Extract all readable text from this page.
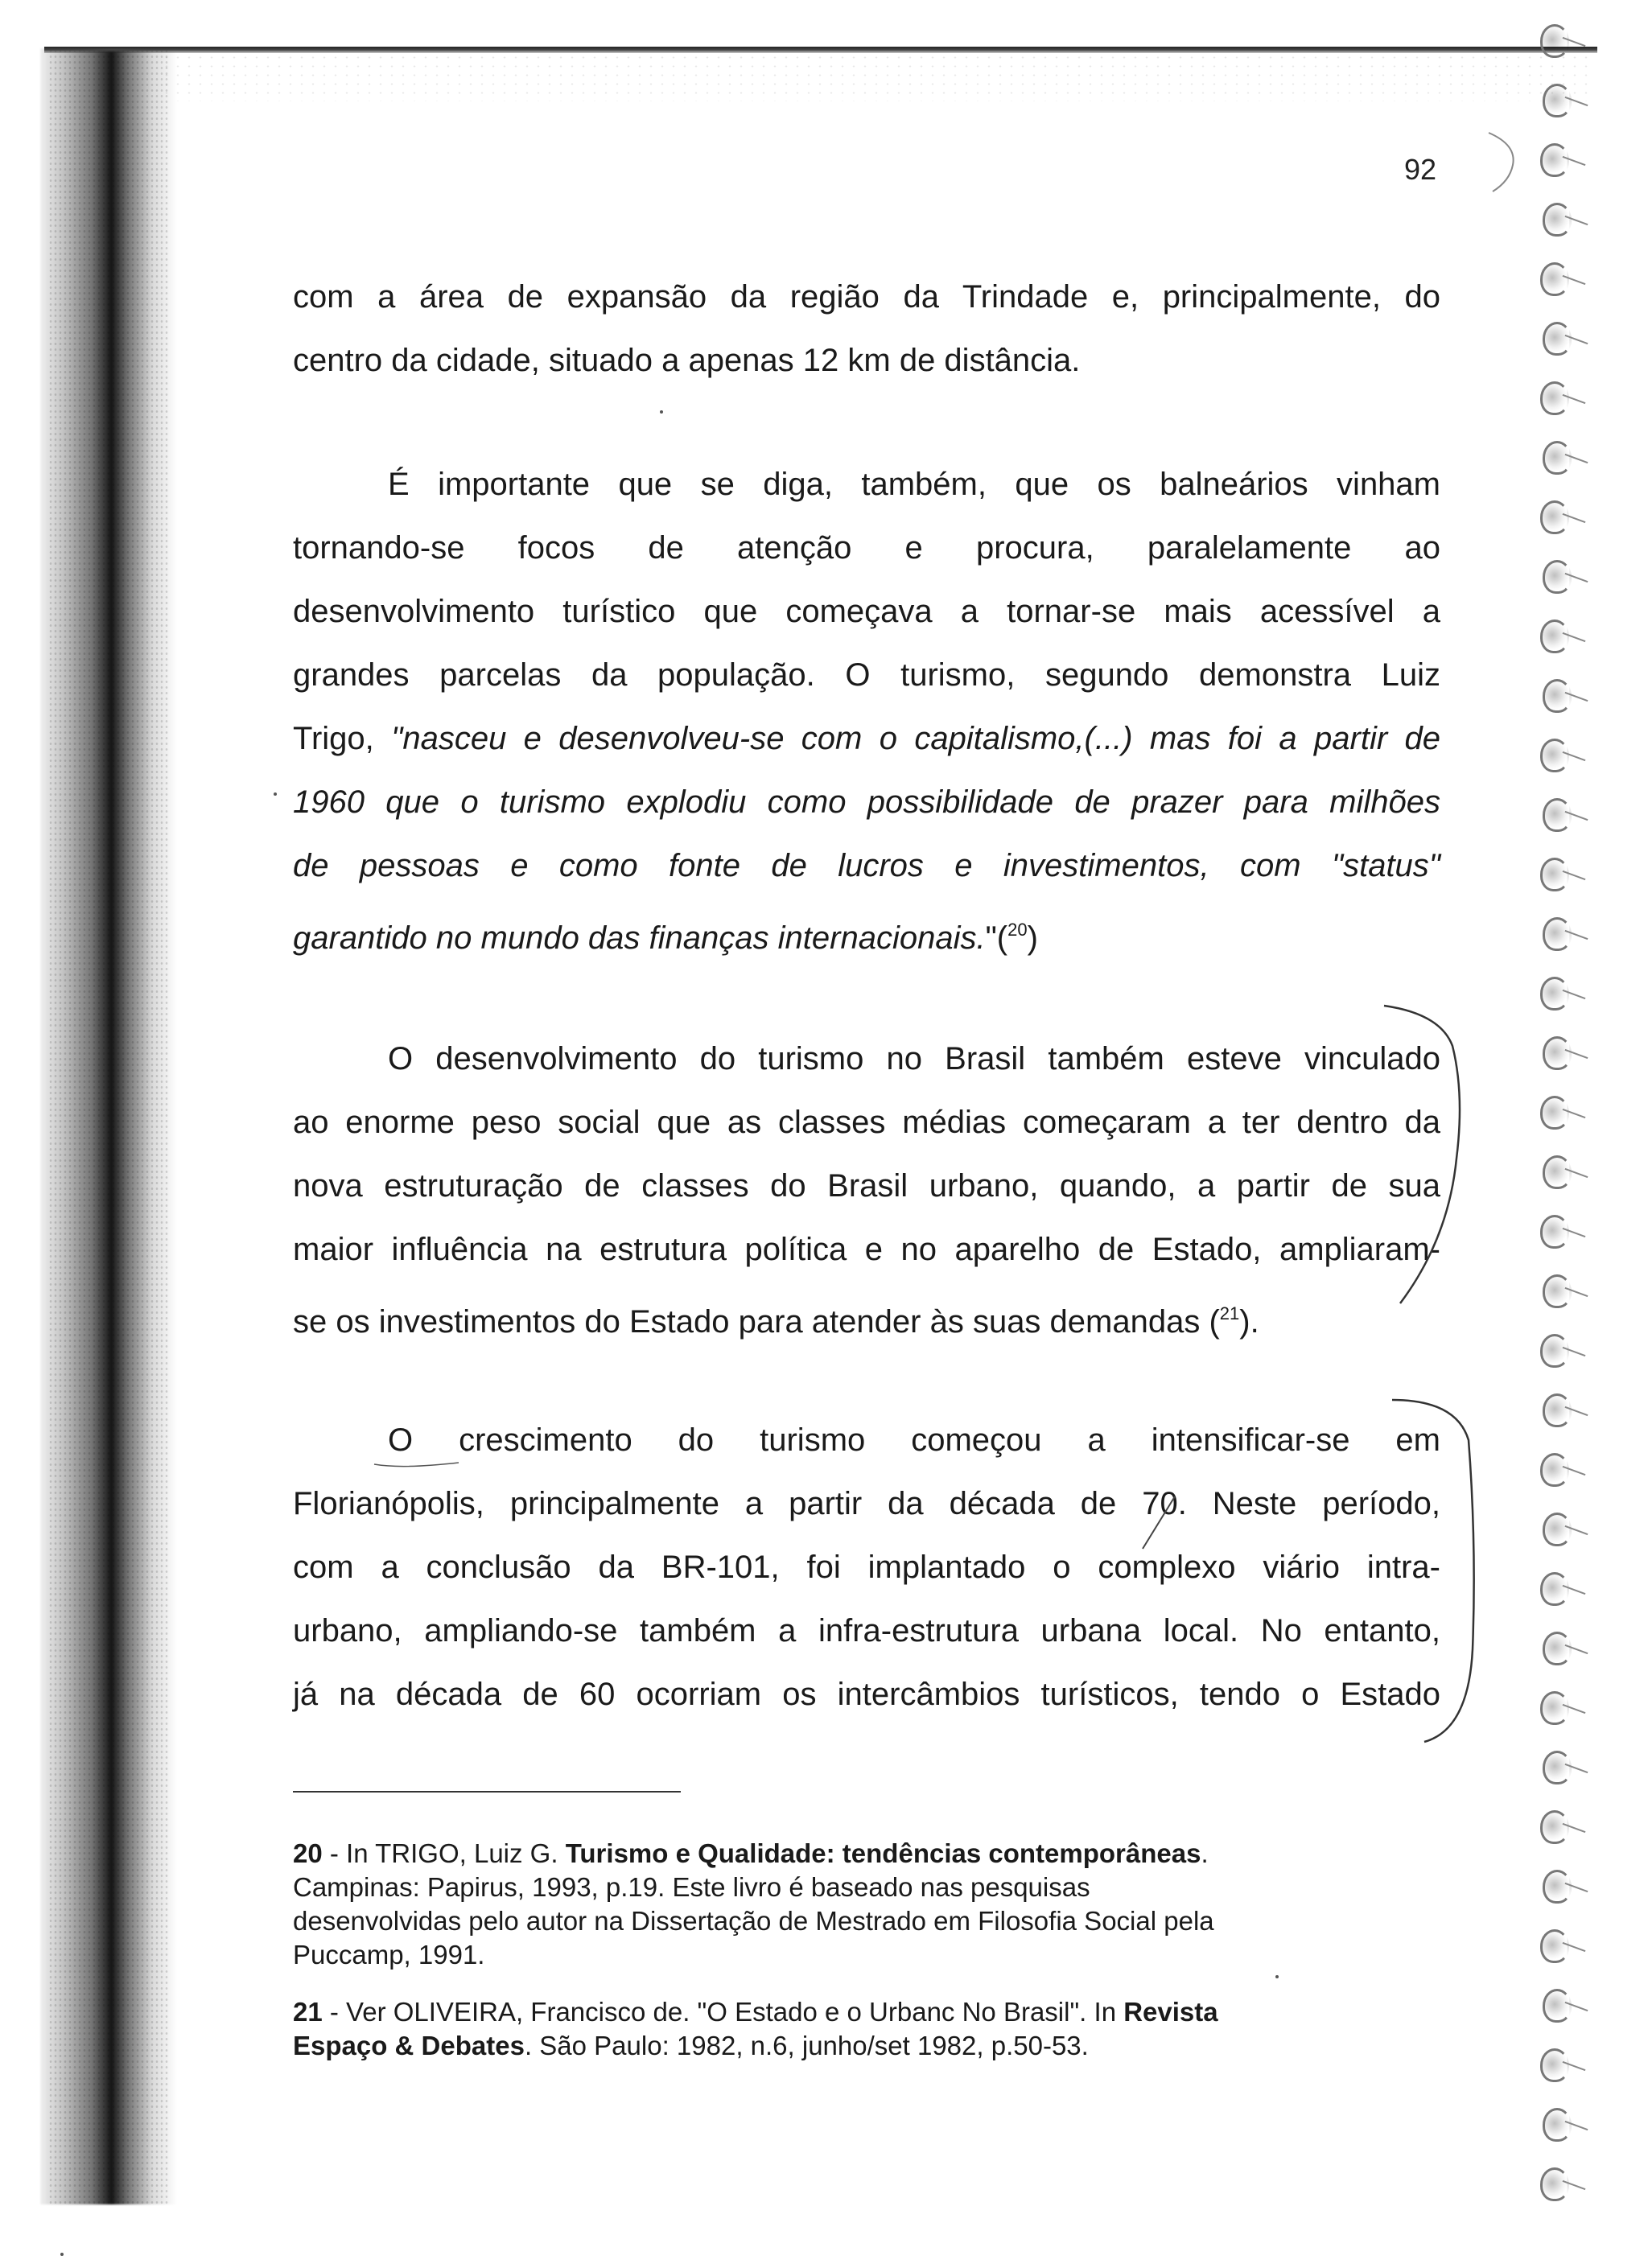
92
com a área de expansão da região da Trindade e, principalmente, do
centro da cidade, situado a apenas 12 km de distância.
É importante que se diga, também, que os balneários vinham
tornando-se focos de atenção e procura, paralelamente ao
desenvolvimento turístico que começava a tornar-se mais acessível a
grandes parcelas da população. O turismo, segundo demonstra Luiz
Trigo, "nasceu e desenvolveu-se com o capitalismo,(...) mas foi a partir de
1960 que o turismo explodiu como possibilidade de prazer para milhões
de pessoas e como fonte de lucros e investimentos, com "status"
garantido no mundo das finanças internacionais."($^{20}$)
O desenvolvimento do turismo no Brasil também esteve vinculado
ao enorme peso social que as classes médias começaram a ter dentro da
nova estruturação de classes do Brasil urbano, quando, a partir de sua
maior influência na estrutura política e no aparelho de Estado, ampliaram-
se os investimentos do Estado para atender às suas demandas ($^{21}$).
O crescimento do turismo começou a intensificar-se em
Florianópolis, principalmente a partir da década de 70. Neste período,
com a conclusão da BR-101, foi implantado o complexo viário intra-
urbano, ampliando-se também a infra-estrutura urbana local. No entanto,
já na década de 60 ocorriam os intercâmbios turísticos, tendo o Estado
20 - In TRIGO, Luiz G. Turismo e Qualidade: tendências contemporâneas. Campinas: Papirus, 1993, p.19. Este livro é baseado nas pesquisas desenvolvidas pelo autor na Dissertação de Mestrado em Filosofia Social pela Puccamp, 1991.
21 - Ver OLIVEIRA, Francisco de. "O Estado e o Urbanc No Brasil". In Revista Espaço & Debates. São Paulo: 1982, n.6, junho/set 1982, p.50-53.
